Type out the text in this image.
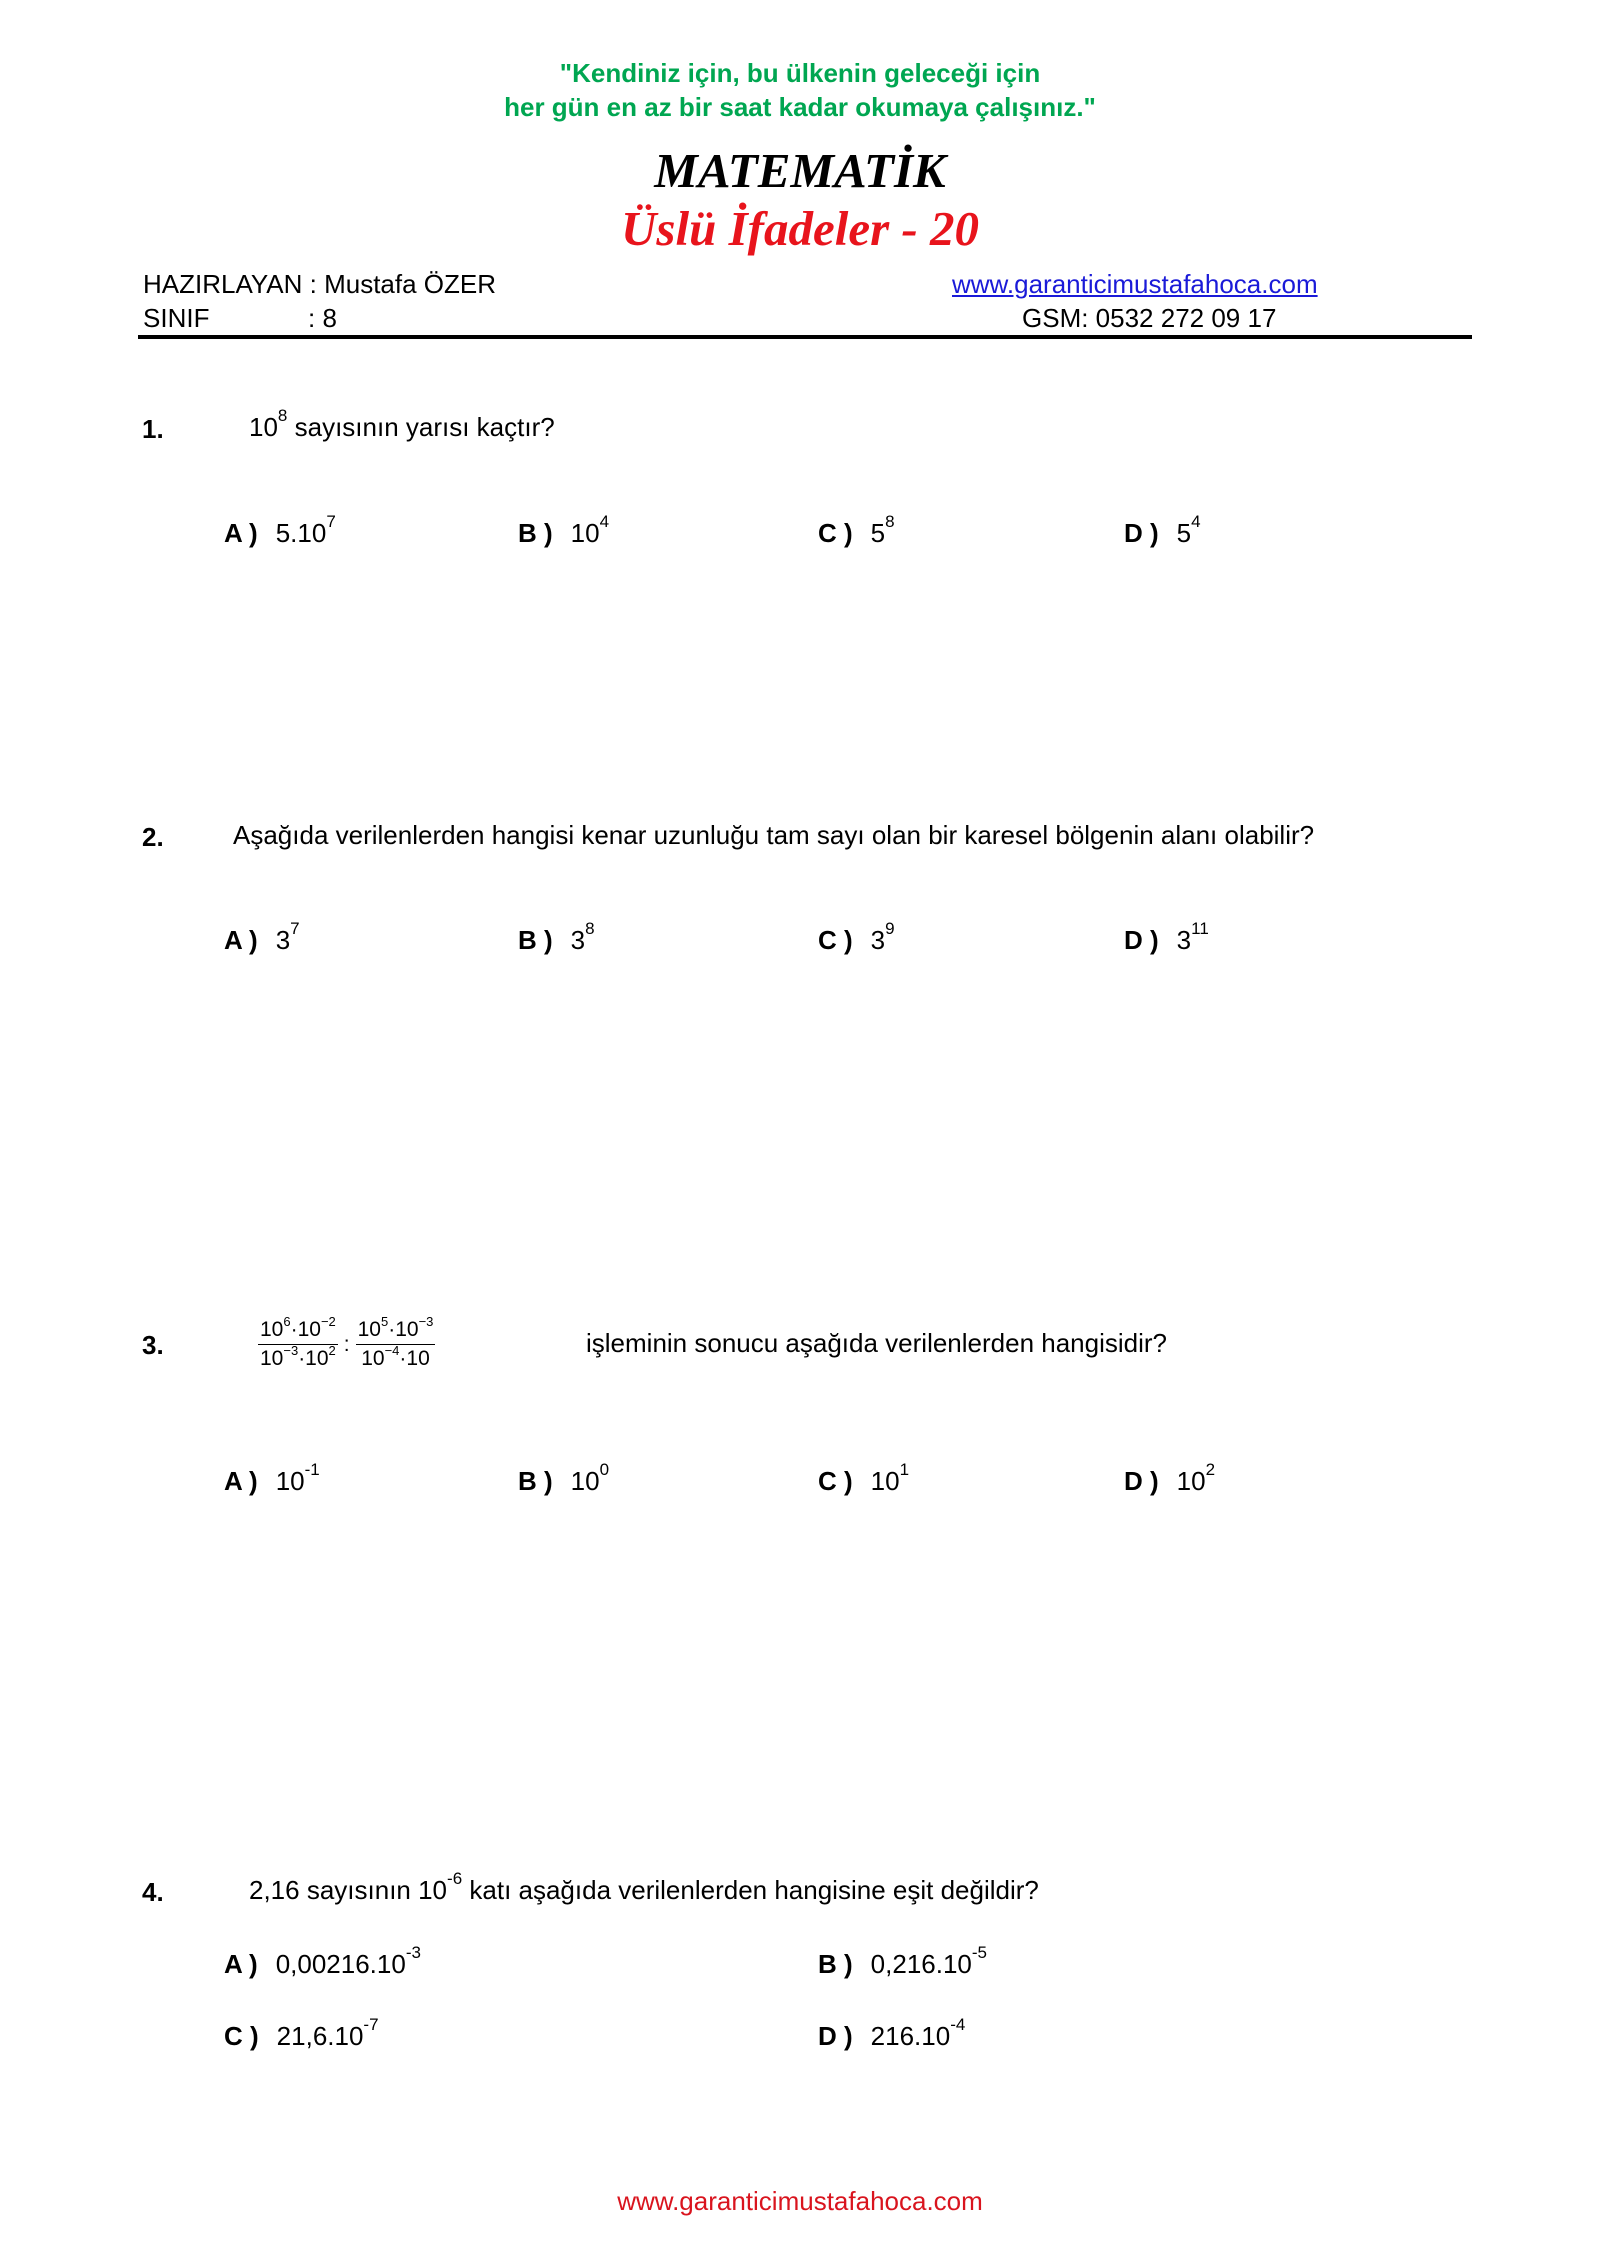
"Kendiniz için, bu ülkenin geleceği için
her gün en az bir saat kadar okumaya çalışınız."
MATEMATİK
Üslü İfadeler - 20
HAZIRLAYAN : Mustafa ÖZER
SINIF	: 8
www.garanticimustafahoca.com
GSM: 0532 272 09 17
1.	$10^8$ sayısının yarısı kaçtır?
A ) 5.10$^7$	B ) $10^4$	C ) $5^8$	D ) $5^4$
2.	Aşağıda verilenlerden hangisi kenar uzunluğu tam sayı olan bir karesel bölgenin alanı olabilir?
A ) $3^7$	B ) $3^8$	C ) $3^9$	D ) $3^{11}$
3.	$\frac{10^6\cdot 10^{-2}}{10^{-3}\cdot 10^2}$ : $\frac{10^5\cdot 10^{-3}}{10^{-4}\cdot 10}$	işleminin sonucu aşağıda verilenlerden hangisidir?
A ) $10^{-1}$	B ) $10^0$	C ) $10^1$	D ) $10^2$
4.	2,16 sayısının $10^{-6}$ katı aşağıda verilenlerden hangisine eşit değildir?
A ) $0,00216.10^{-3}$	B ) $0,216.10^{-5}$
C ) $21,6.10^{-7}$	D ) $216.10^{-4}$
www.garanticimustafahoca.com
